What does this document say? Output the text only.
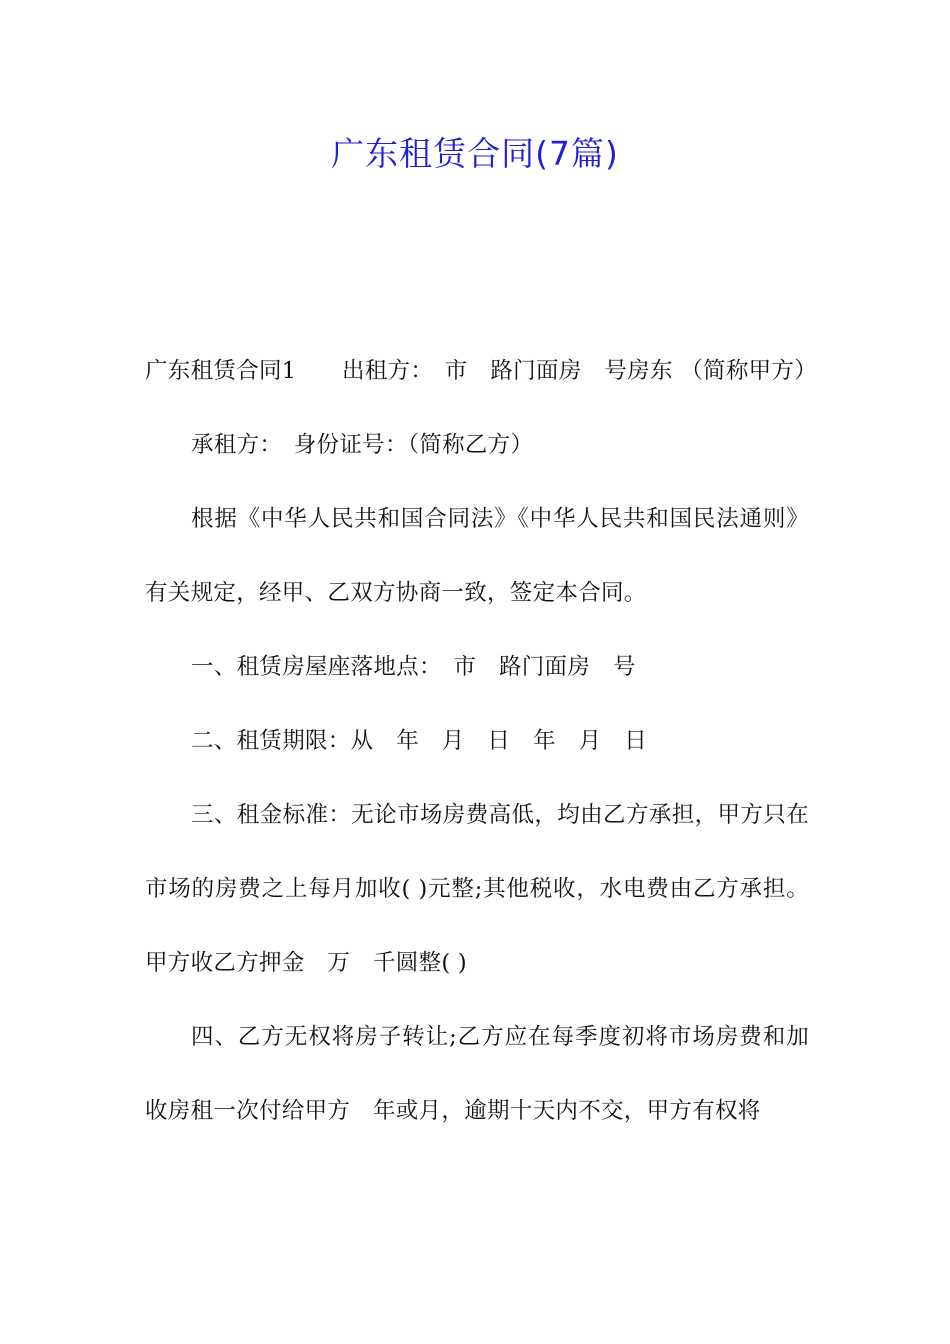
广东租赁合同(7篇)

广东租赁合同1　　出租方：　市　路门面房　号房东 （简称甲方）

承租方：　身份证号：（简称乙方）

根据《中华人民共和国合同法》《中华人民共和国民法通则》有关规定，经甲、乙双方协商一致，签定本合同。

一、租赁房屋座落地点：　市　路门面房　号

二、租赁期限：从　年　月　日　年　月　日

三、租金标准：无论市场房费高低，均由乙方承担，甲方只在市场的房费之上每月加收( )元整;其他税收，水电费由乙方承担。甲方收乙方押金　万　千圆整( )

四、乙方无权将房子转让;乙方应在每季度初将市场房费和加收房租一次付给甲方　年或月，逾期十天内不交，甲方有权将
